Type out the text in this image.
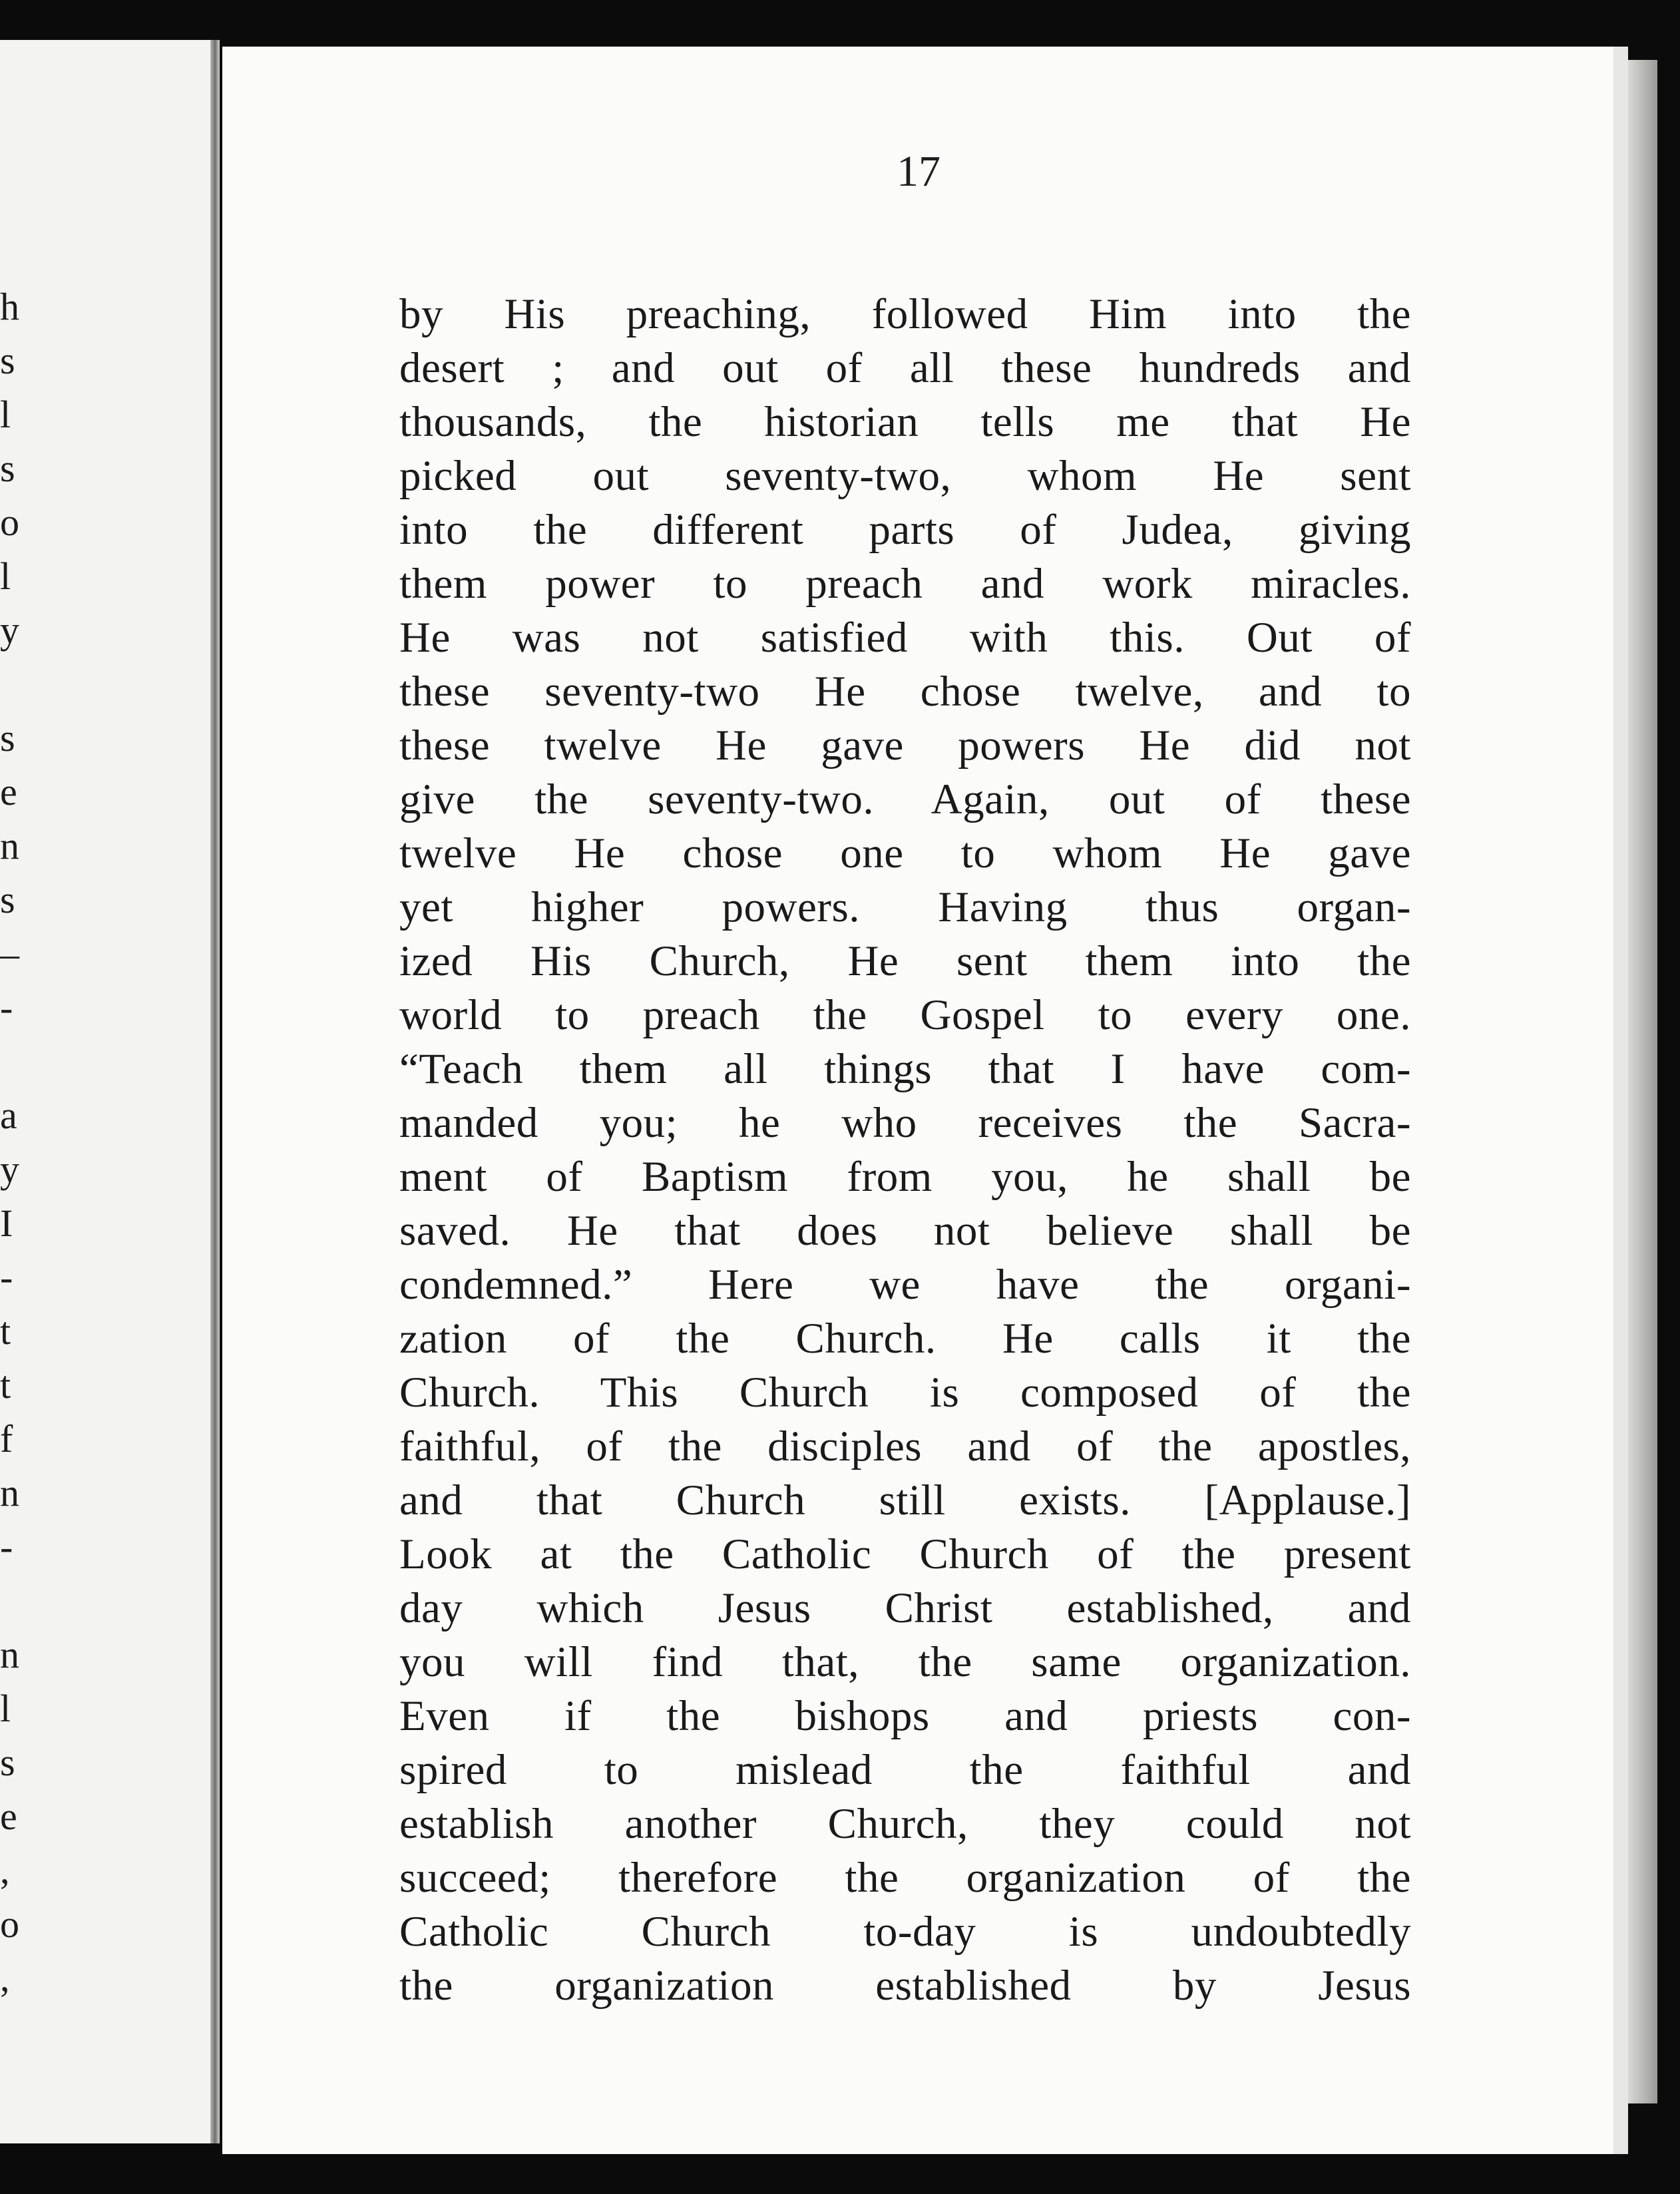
h
s
l
s
o
l
y
s
e
n
s
–
-
a
y
I
-
t
t
f
n
-
n
l
s
e
,
o
,
17
by His preaching, followed Him into the
desert ; and out of all these hundreds and
thousands, the historian tells me that He
picked out seventy-two, whom He sent
into the different parts of Judea, giving
them power to preach and work miracles.
He was not satisfied with this. Out of
these seventy-two He chose twelve, and to
these twelve He gave powers He did not
give the seventy-two. Again, out of these
twelve He chose one to whom He gave
yet higher powers. Having thus organ-
ized His Church, He sent them into the
world to preach the Gospel to every one.
“Teach them all things that I have com-
manded you; he who receives the Sacra-
ment of Baptism from you, he shall be
saved. He that does not believe shall be
condemned.” Here we have the organi-
zation of the Church. He calls it the
Church. This Church is composed of the
faithful, of the disciples and of the apostles,
and that Church still exists. [Applause.]
Look at the Catholic Church of the present
day which Jesus Christ established, and
you will find that, the same organization.
Even if the bishops and priests con-
spired to mislead the faithful and
establish another Church, they could not
succeed; therefore the organization of the
Catholic Church to-day is undoubtedly
the organization established by Jesus
